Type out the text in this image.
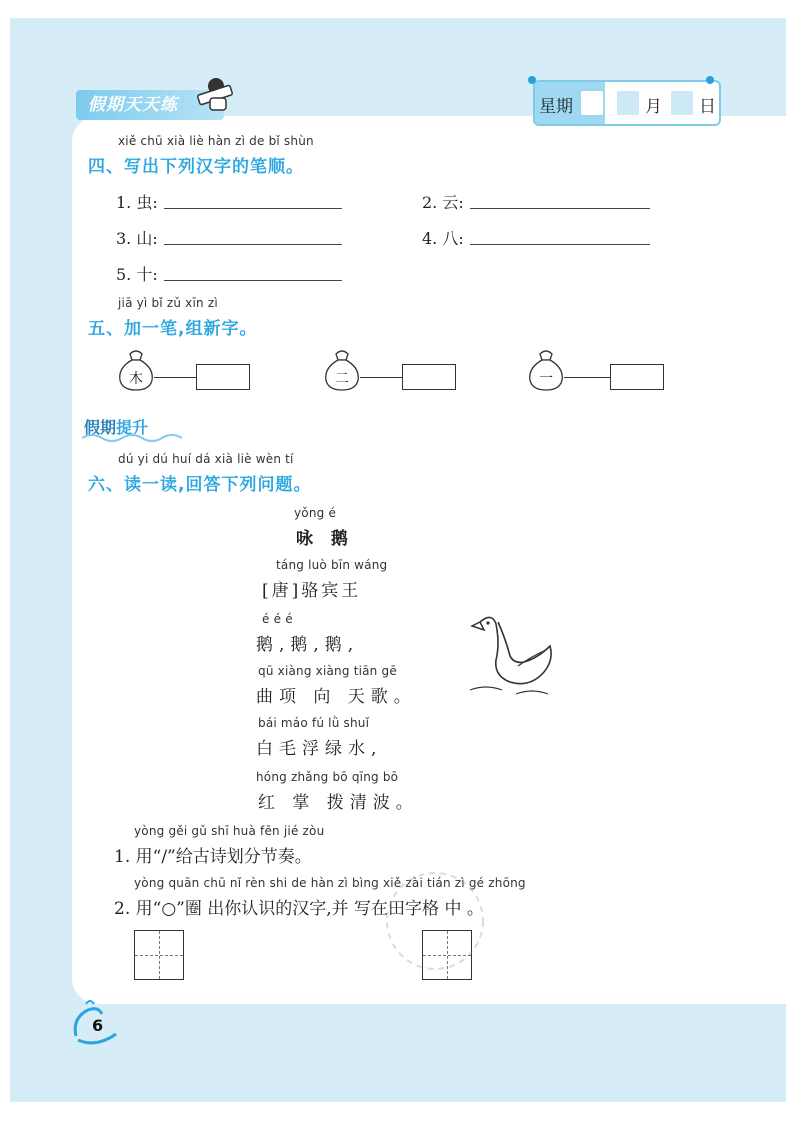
假期天天练	星期	月 日
xiě chū xià liè hàn zì de bǐ shùn
四、写出下列汉字的笔顺。
1. 虫:	2. 云:
3. 山:	4. 八:
5. 十:
jiā yì bǐ zǔ xīn zì
五、加一笔,组新字。
木	二	一
假期提升
dú yi dú huí dá xià liè wèn tí
六、读一读,回答下列问题。
yǒng é
咏 鹅
táng luò bīn wáng
[唐]骆宾王
é é é
鹅,鹅,鹅,
qū xiàng xiàng tiān gē
曲项 向 天歌。
bái máo fú lǜ shuǐ
白毛浮绿水,
hóng zhǎng bō qīng bō
红 掌 拨清波。
yòng gěi gǔ shī huà fēn jié zòu
1. 用“/”给古诗划分节奏。
yòng quān chū nǐ rèn shi de hàn zì bìng xiě zài tián zì gé zhōng
2. 用“○”圈 出你认识的汉字,并 写在田字格 中 。
6
